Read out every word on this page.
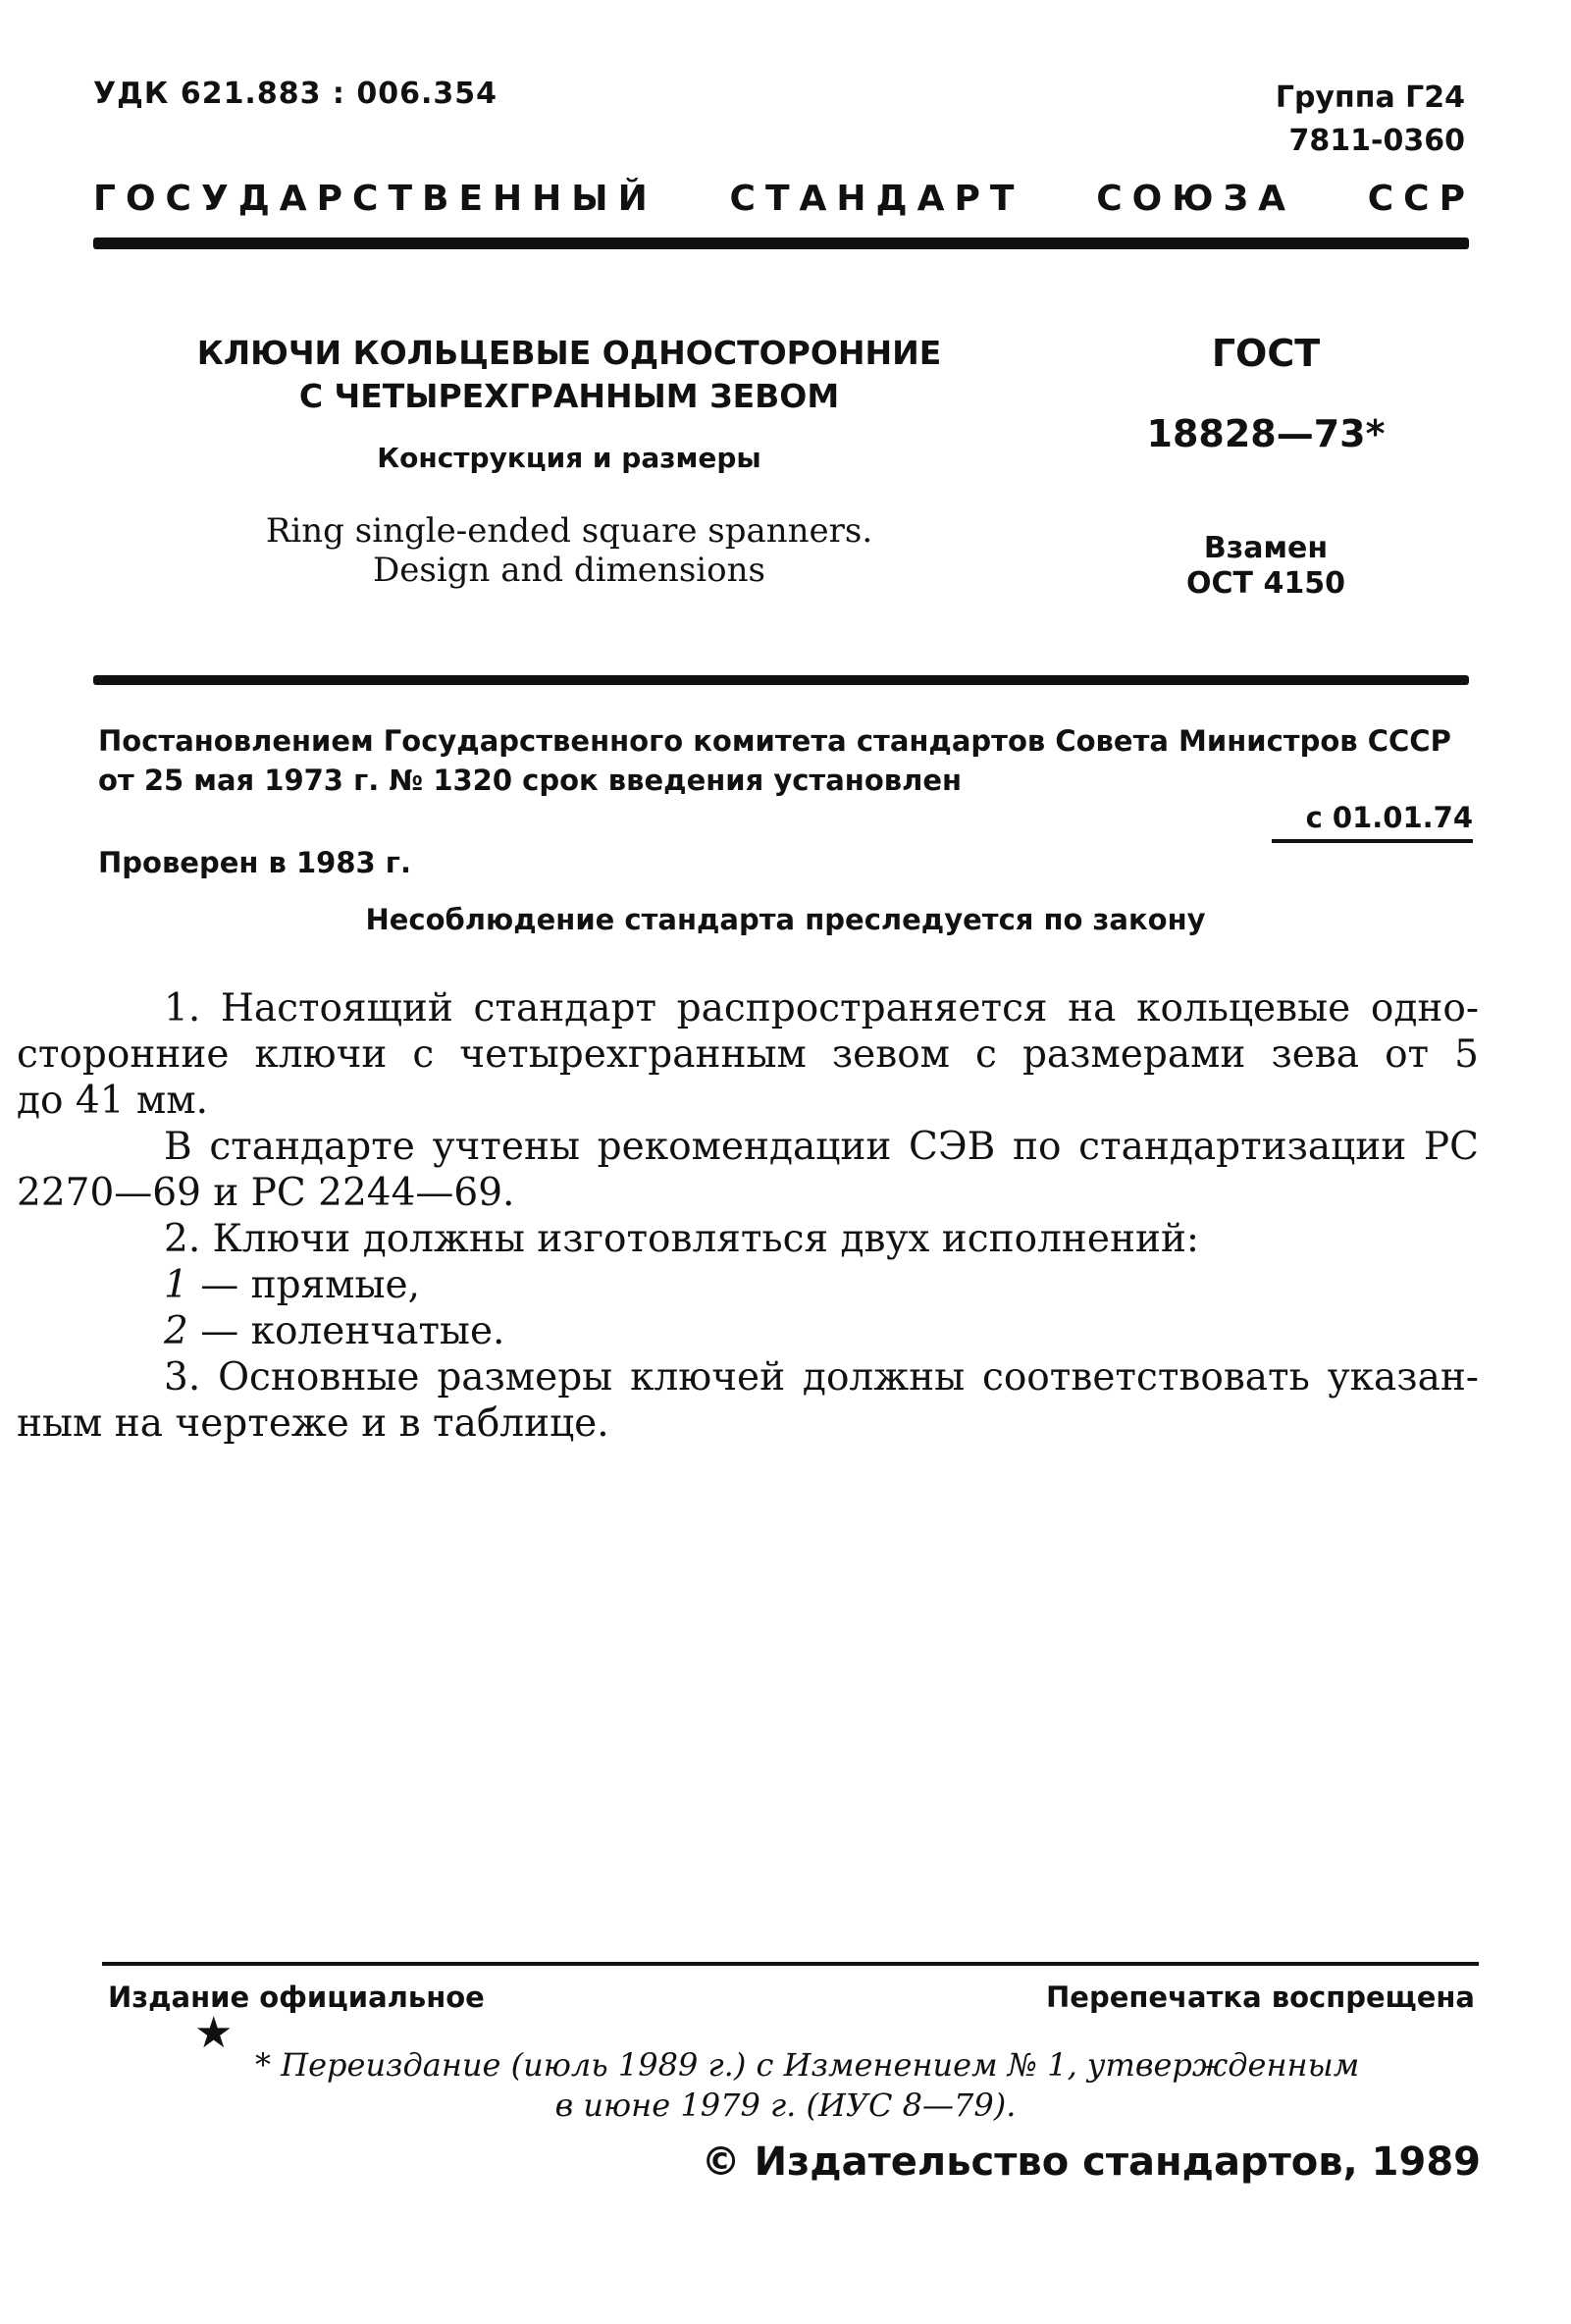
УДК 621.883 : 006.354	Группа Г24
7811-0360
ГОСУДАРСТВЕННЫЙ СТАНДАРТ СОЮЗА ССР
КЛЮЧИ КОЛЬЦЕВЫЕ ОДНОСТОРОННИЕ
С ЧЕТЫРЕХГРАННЫМ ЗЕВОМ
Конструкция и размеры
Ring single-ended square spanners.
Design and dimensions
ГОСТ
18828—73*
Взамен
ОСТ 4150
Постановлением Государственного комитета стандартов Совета Министров СССР
от 25 мая 1973 г. № 1320 срок введения установлен
с 01.01.74
Проверен в 1983 г.
Несоблюдение стандарта преследуется по закону

1. Настоящий стандарт распространяется на кольцевые одно-

сторонние ключи с четырехгранным зевом с размерами зева от 5

до 41 мм.

В стандарте учтены рекомендации СЭВ по стандартизации РС

2270—69 и РС 2244—69.

2. Ключи должны изготовляться двух исполнений:

1 — прямые,

2 — коленчатые.

3. Основные размеры ключей должны соответствовать указан-

ным на чертеже и в таблице.

Издание официальное	Перепечатка воспрещена
★
* Переиздание (июль 1989 г.) с Изменением № 1, утвержденным
в июне 1979 г. (ИУС 8—79).
© Издательство стандартов, 1989
